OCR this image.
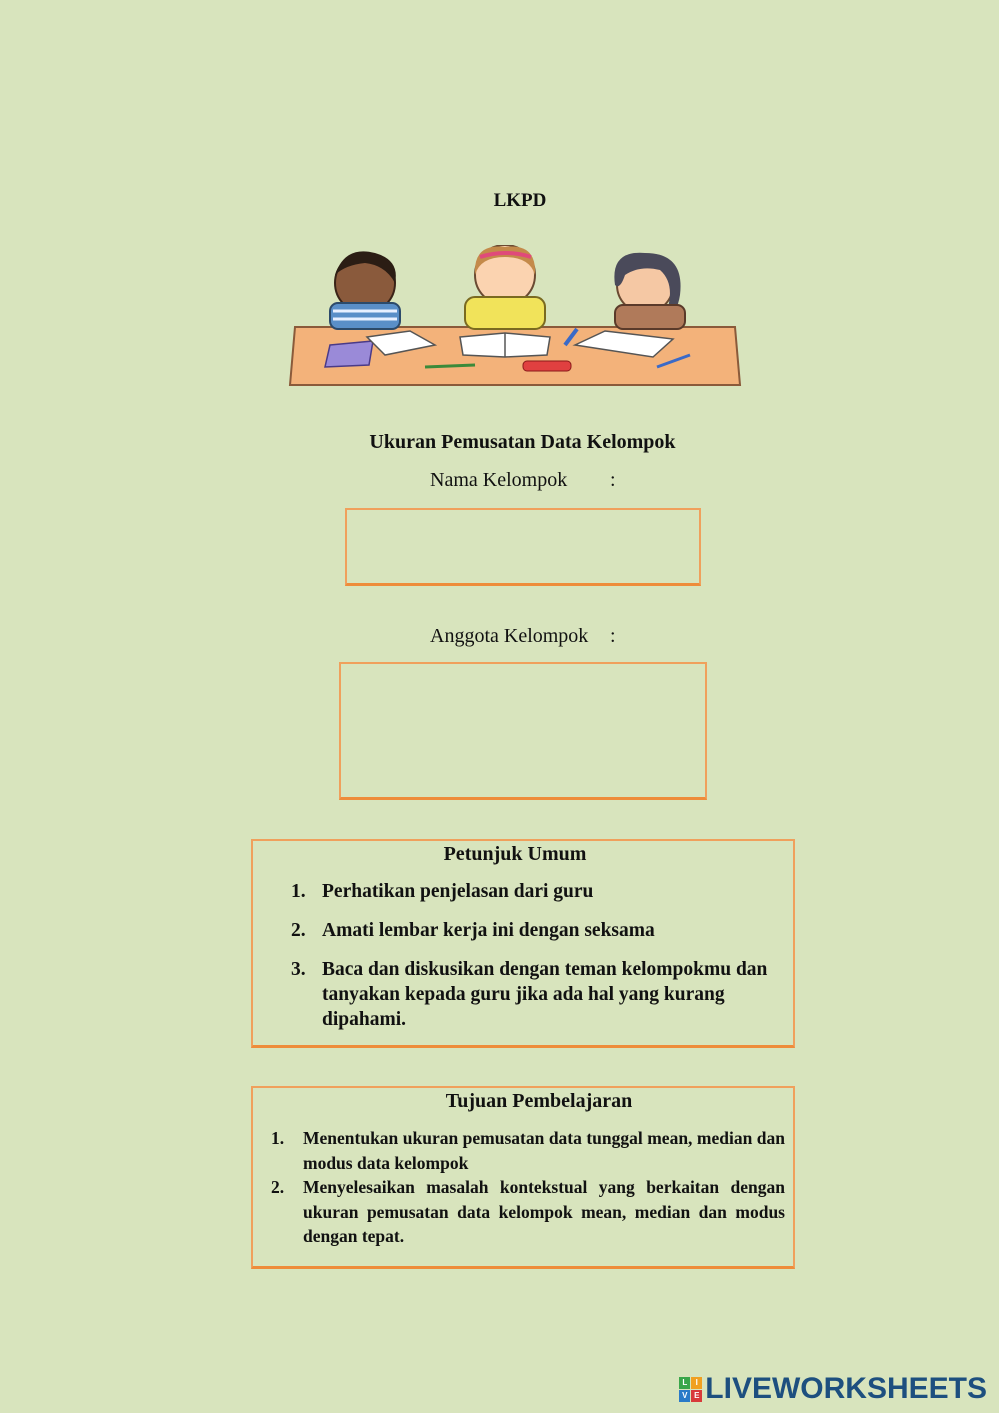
LKPD
Ukuran Pemusatan Data Kelompok
Nama Kelompok :
Anggota Kelompok :
Petunjuk Umum
1. Perhatikan penjelasan dari guru
2. Amati lembar kerja ini dengan seksama
3. Baca dan diskusikan dengan teman kelompokmu dan tanyakan kepada guru jika ada hal yang kurang dipahami.
Tujuan Pembelajaran
1. Menentukan ukuran pemusatan data tunggal mean, median dan modus data kelompok
2. Menyelesaikan masalah kontekstual yang berkaitan dengan ukuran pemusatan data kelompok mean, median dan modus dengan tepat.
L	I
V E LIVEWORKSHEETS
